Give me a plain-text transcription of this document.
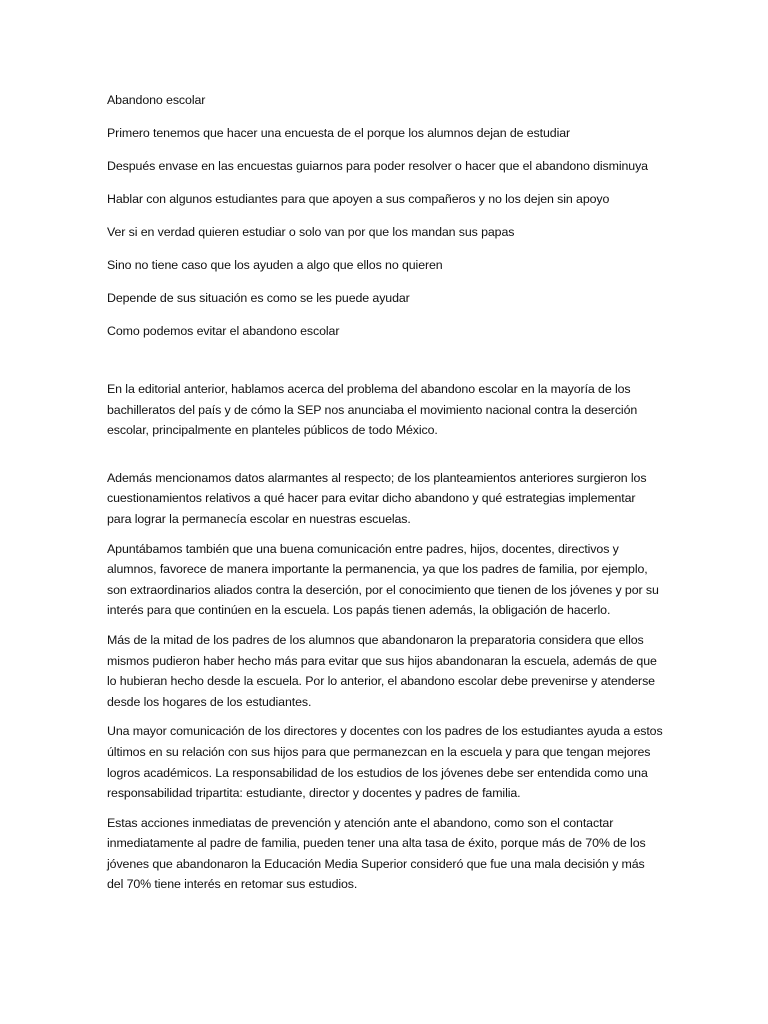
Abandono escolar

Primero tenemos que hacer una encuesta de el porque los alumnos dejan de estudiar

Después envase en las encuestas guiarnos para poder resolver o hacer que el abandono disminuya

Hablar con algunos estudiantes para que apoyen a sus compañeros y no los dejen sin apoyo

Ver si en verdad quieren estudiar o solo van por que los mandan sus papas

Sino no tiene caso que los ayuden a algo que ellos no quieren

Depende de sus situación es como se les puede ayudar

Como podemos evitar el abandono escolar

En la editorial anterior, hablamos acerca del problema del abandono escolar en la mayoría de los bachilleratos del país y de cómo la SEP nos anunciaba el movimiento nacional contra la deserción escolar, principalmente en planteles públicos de todo México.

Además mencionamos datos alarmantes al respecto; de los planteamientos anteriores surgieron los cuestionamientos relativos a qué hacer para evitar dicho abandono y qué estrategias implementar para lograr la permanecía escolar en nuestras escuelas.

Apuntábamos también que una buena comunicación entre padres, hijos, docentes, directivos y alumnos, favorece de manera importante la permanencia, ya que los padres de familia, por ejemplo, son extraordinarios aliados contra la deserción, por el conocimiento que tienen de los jóvenes y por su interés para que continúen en la escuela. Los papás tienen además, la obligación de hacerlo.

Más de la mitad de los padres de los alumnos que abandonaron la preparatoria considera que ellos mismos pudieron haber hecho más para evitar que sus hijos abandonaran la escuela, además de que lo hubieran hecho desde la escuela. Por lo anterior, el abandono escolar debe prevenirse y atenderse desde los hogares de los estudiantes.

Una mayor comunicación de los directores y docentes con los padres de los estudiantes ayuda a estos últimos en su relación con sus hijos para que permanezcan en la escuela y para que tengan mejores logros académicos. La responsabilidad de los estudios de los jóvenes debe ser entendida como una responsabilidad tripartita: estudiante, director y docentes y padres de familia.

Estas acciones inmediatas de prevención y atención ante el abandono, como son el contactar inmediatamente al padre de familia, pueden tener una alta tasa de éxito, porque más de 70% de los jóvenes que abandonaron la Educación Media Superior consideró que fue una mala decisión y más del 70% tiene interés en retomar sus estudios.
